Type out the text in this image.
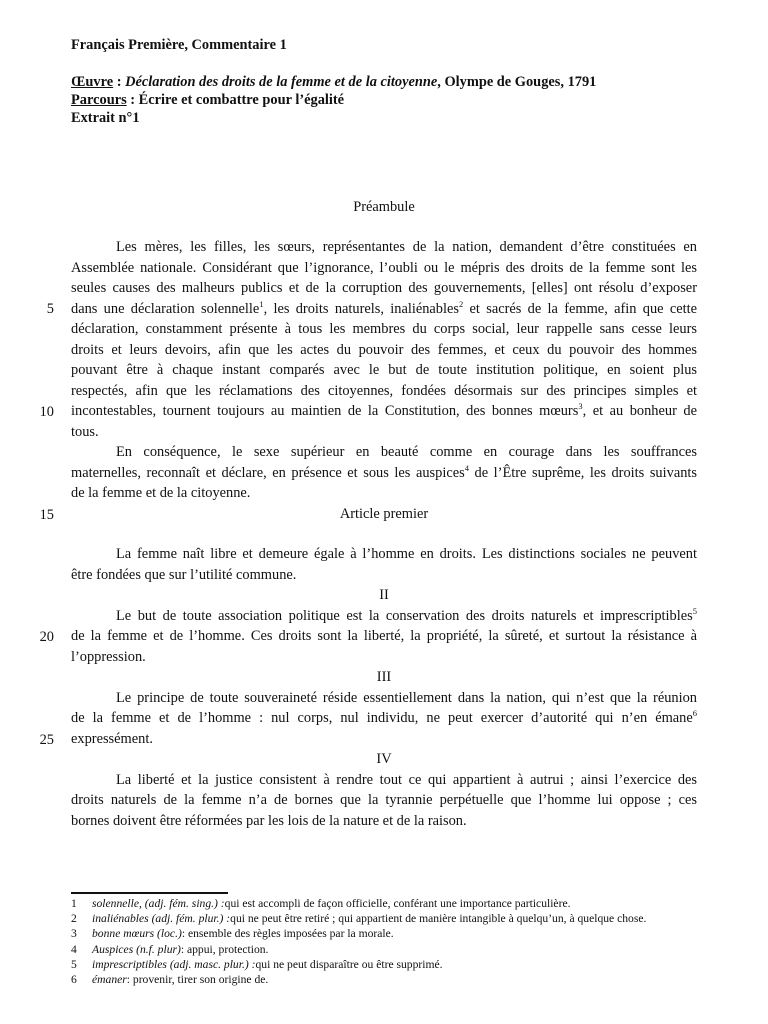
Français Première, Commentaire 1
Œuvre : Déclaration des droits de la femme et de la citoyenne, Olympe de Gouges, 1791
Parcours : Écrire et combattre pour l’égalité
Extrait n°1
Préambule
Les mères, les filles, les sœurs, représentantes de la nation, demandent d’être constituées en
Assemblée nationale. Considérant que l’ignorance, l’oubli ou le mépris des droits de la femme sont les
seules causes des malheurs publics et de la corruption des gouvernements, [elles] ont résolu d’exposer
dans une déclaration solennelle$^1$, les droits naturels, inaliénables$^2$ et sacrés de la femme, afin que cette
déclaration, constamment présente à tous les membres du corps social, leur rappelle sans cesse leurs
droits et leurs devoirs, afin que les actes du pouvoir des femmes, et ceux du pouvoir des hommes
pouvant être à chaque instant comparés avec le but de toute institution politique, en soient plus
respectés, afin que les réclamations des citoyennes, fondées désormais sur des principes simples et
incontestables, tournent toujours au maintien de la Constitution, des bonnes mœurs$^3$, et au bonheur de
tous.
En conséquence, le sexe supérieur en beauté comme en courage dans les souffrances
maternelles, reconnaît et déclare, en présence et sous les auspices$^4$ de l’Être suprême, les droits suivants
de la femme et de la citoyenne.
Article premier
La femme naît libre et demeure égale à l’homme en droits. Les distinctions sociales ne peuvent
être fondées que sur l’utilité commune.
II
Le but de toute association politique est la conservation des droits naturels et imprescriptibles$^5$
de la femme et de l’homme. Ces droits sont la liberté, la propriété, la sûreté, et surtout la résistance à
l’oppression.
III
Le principe de toute souveraineté réside essentiellement dans la nation, qui n’est que la réunion
de la femme et de l’homme : nul corps, nul individu, ne peut exercer d’autorité qui n’en émane$^6$
expressément.
IV
La liberté et la justice consistent à rendre tout ce qui appartient à autrui ; ainsi l’exercice des
droits naturels de la femme n’a de bornes que la tyrannie perpétuelle que l’homme lui oppose ; ces
bornes doivent être réformées par les lois de la nature et de la raison.
5
10
15
20
25
1	solennelle, (adj. fém. sing.) : qui est accompli de façon officielle, conférant une importance particulière.
2	inaliénables (adj. fém. plur.) : qui ne peut être retiré ; qui appartient de manière intangible à quelqu’un, à quelque chose.
3	bonne mœurs (loc.) : ensemble des règles imposées par la morale.
4	Auspices (n.f. plur) : appui, protection.
5	imprescriptibles (adj. masc. plur.) : qui ne peut disparaître ou être supprimé.
6	émaner : provenir, tirer son origine de.
